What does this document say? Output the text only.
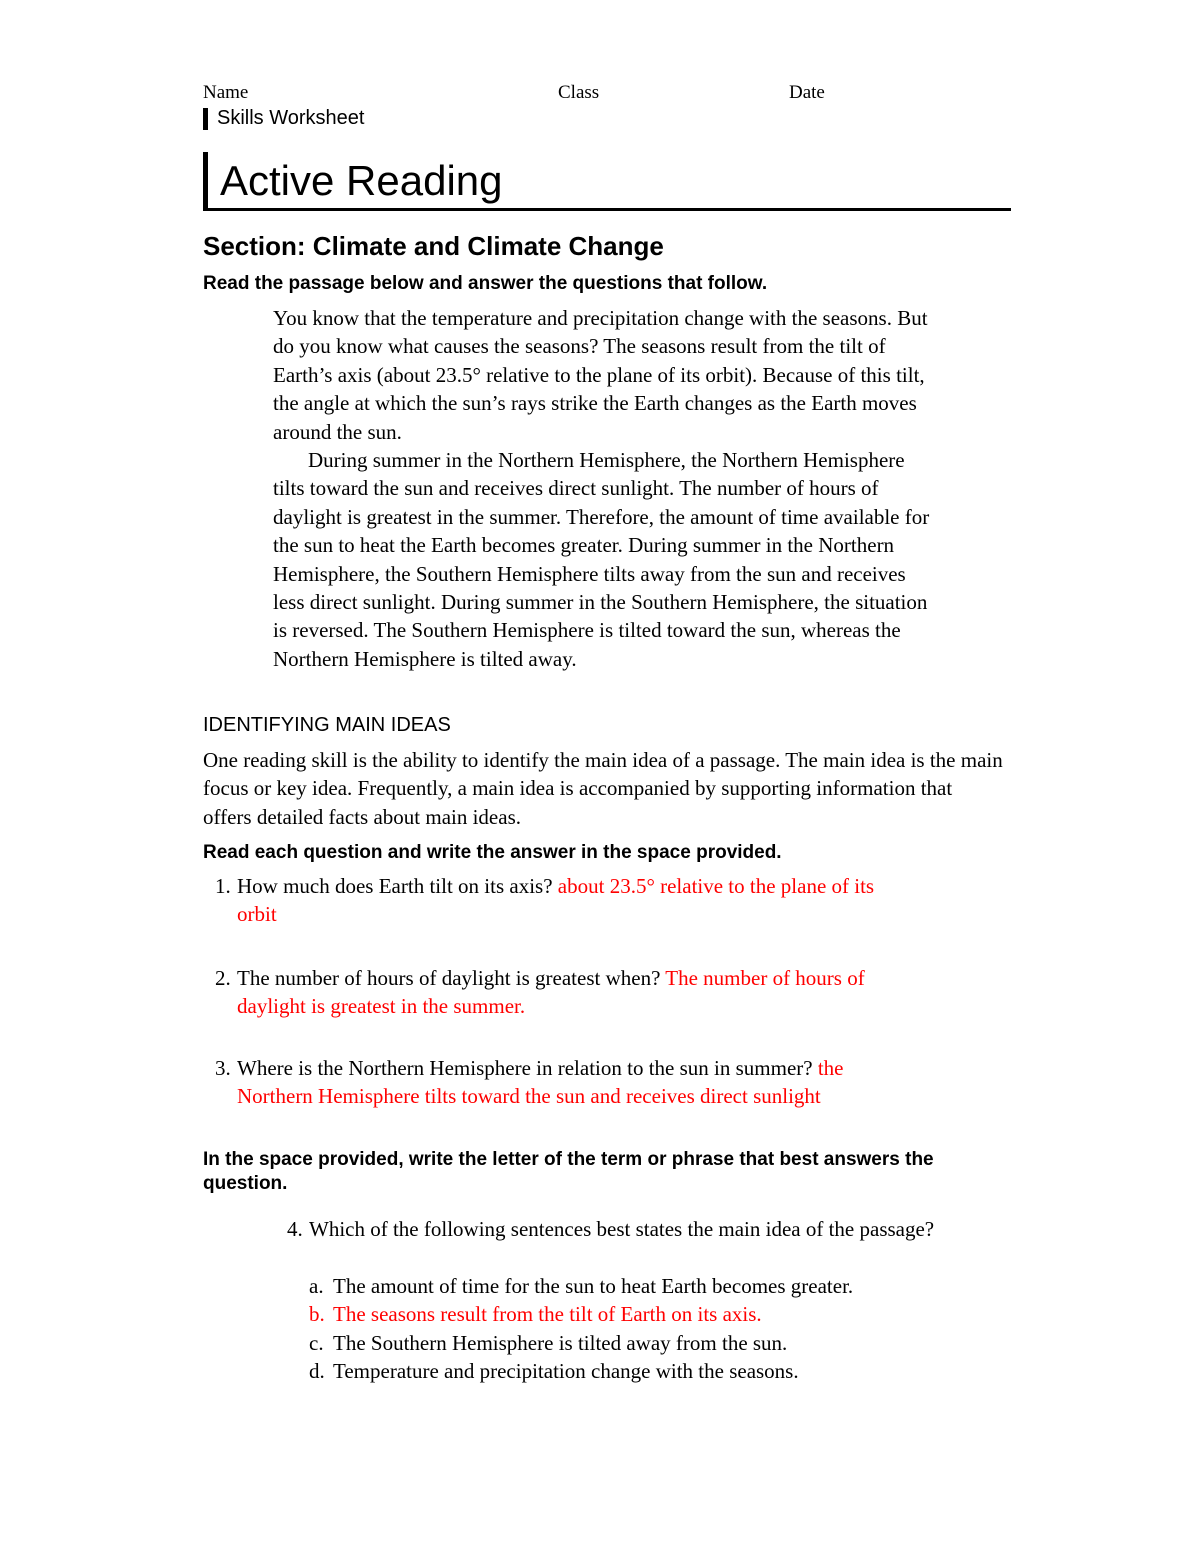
Name	Class	Date
Skills Worksheet
Active Reading
Section: Climate and Climate Change
Read the passage below and answer the questions that follow.

You know that the temperature and precipitation change with the seasons. But do you know what causes the seasons? The seasons result from the tilt of Earth’s axis (about 23.5° relative to the plane of its orbit). Because of this tilt, the angle at which the sun’s rays strike the Earth changes as the Earth moves around the sun.

During summer in the Northern Hemisphere, the Northern Hemisphere tilts toward the sun and receives direct sunlight. The number of hours of daylight is greatest in the summer. Therefore, the amount of time available for the sun to heat the Earth becomes greater. During summer in the Northern Hemisphere, the Southern Hemisphere tilts away from the sun and receives less direct sunlight. During summer in the Southern Hemisphere, the situation is reversed. The Southern Hemisphere is tilted toward the sun, whereas the Northern Hemisphere is tilted away.

IDENTIFYING MAIN IDEAS
One reading skill is the ability to identify the main idea of a passage. The main idea is the main focus or key idea. Frequently, a main idea is accompanied by supporting information that offers detailed facts about main ideas.
Read each question and write the answer in the space provided.
1. How much does Earth tilt on its axis? about 23.5° relative to the plane of its
orbit
2. The number of hours of daylight is greatest when? The number of hours of
daylight is greatest in the summer.
3. Where is the Northern Hemisphere in relation to the sun in summer? the
Northern Hemisphere tilts toward the sun and receives direct sunlight
In the space provided, write the letter of the term or phrase that best answers the question.
4. Which of the following sentences best states the main idea of the passage?
a. The amount of time for the sun to heat Earth becomes greater.
b. The seasons result from the tilt of Earth on its axis.
c. The Southern Hemisphere is tilted away from the sun.
d. Temperature and precipitation change with the seasons.
